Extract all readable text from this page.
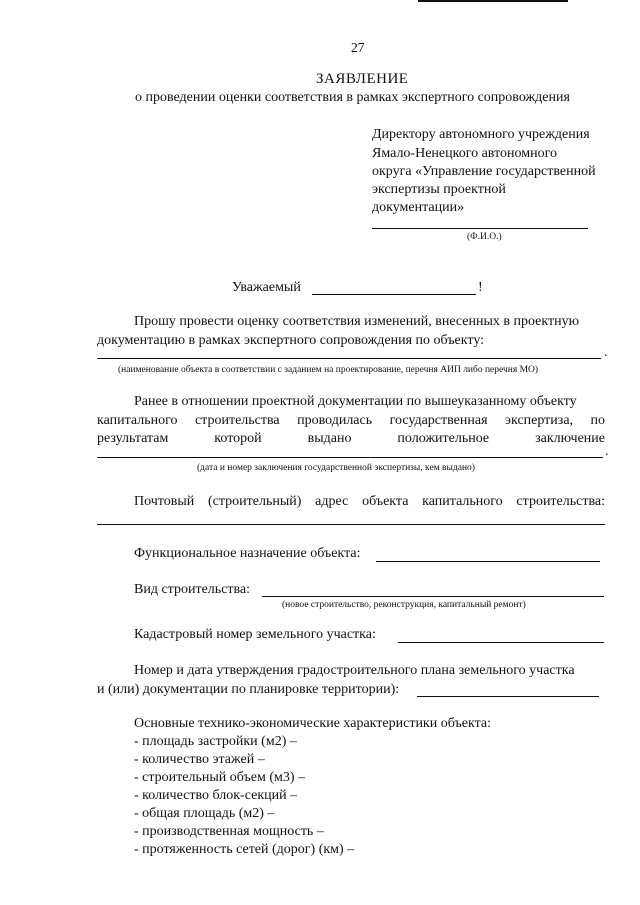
27
ЗАЯВЛЕНИЕ
о проведении оценки соответствия в рамках экспертного сопровождения
Директору автономного учреждения
Ямало-Ненецкого автономного
округа «Управление государственной
экспертизы проектной
документации»
(Ф.И.О.)
Уважаемый	!
Прошу провести оценку соответствия изменений, внесенных в проектную
документацию в рамках экспертного сопровождения по объекту:
.
(наименование объекта в соответствии с заданием на проектирование, перечня АИП либо перечня МО)
Ранее в отношении проектной документации по вышеуказанному объекту
капитального строительства проводилась государственная экспертиза, по
результатам которой выдано положительное заключение
.
(дата и номер заключения государственной экспертизы, кем выдано)
Почтовый (строительный) адрес объекта капитального строительства:
Функциональное назначение объекта:
Вид строительства:
(новое строительство, реконструкция, капитальный ремонт)
Кадастровый номер земельного участка:
Номер и дата утверждения градостроительного плана земельного участка
и (или) документации по планировке территории):
Основные технико-экономические характеристики объекта:
- площадь застройки (м2) –
- количество этажей –
- строительный объем (м3) –
- количество блок-секций –
- общая площадь (м2) –
- производственная мощность –
- протяженность сетей (дорог) (км) –
